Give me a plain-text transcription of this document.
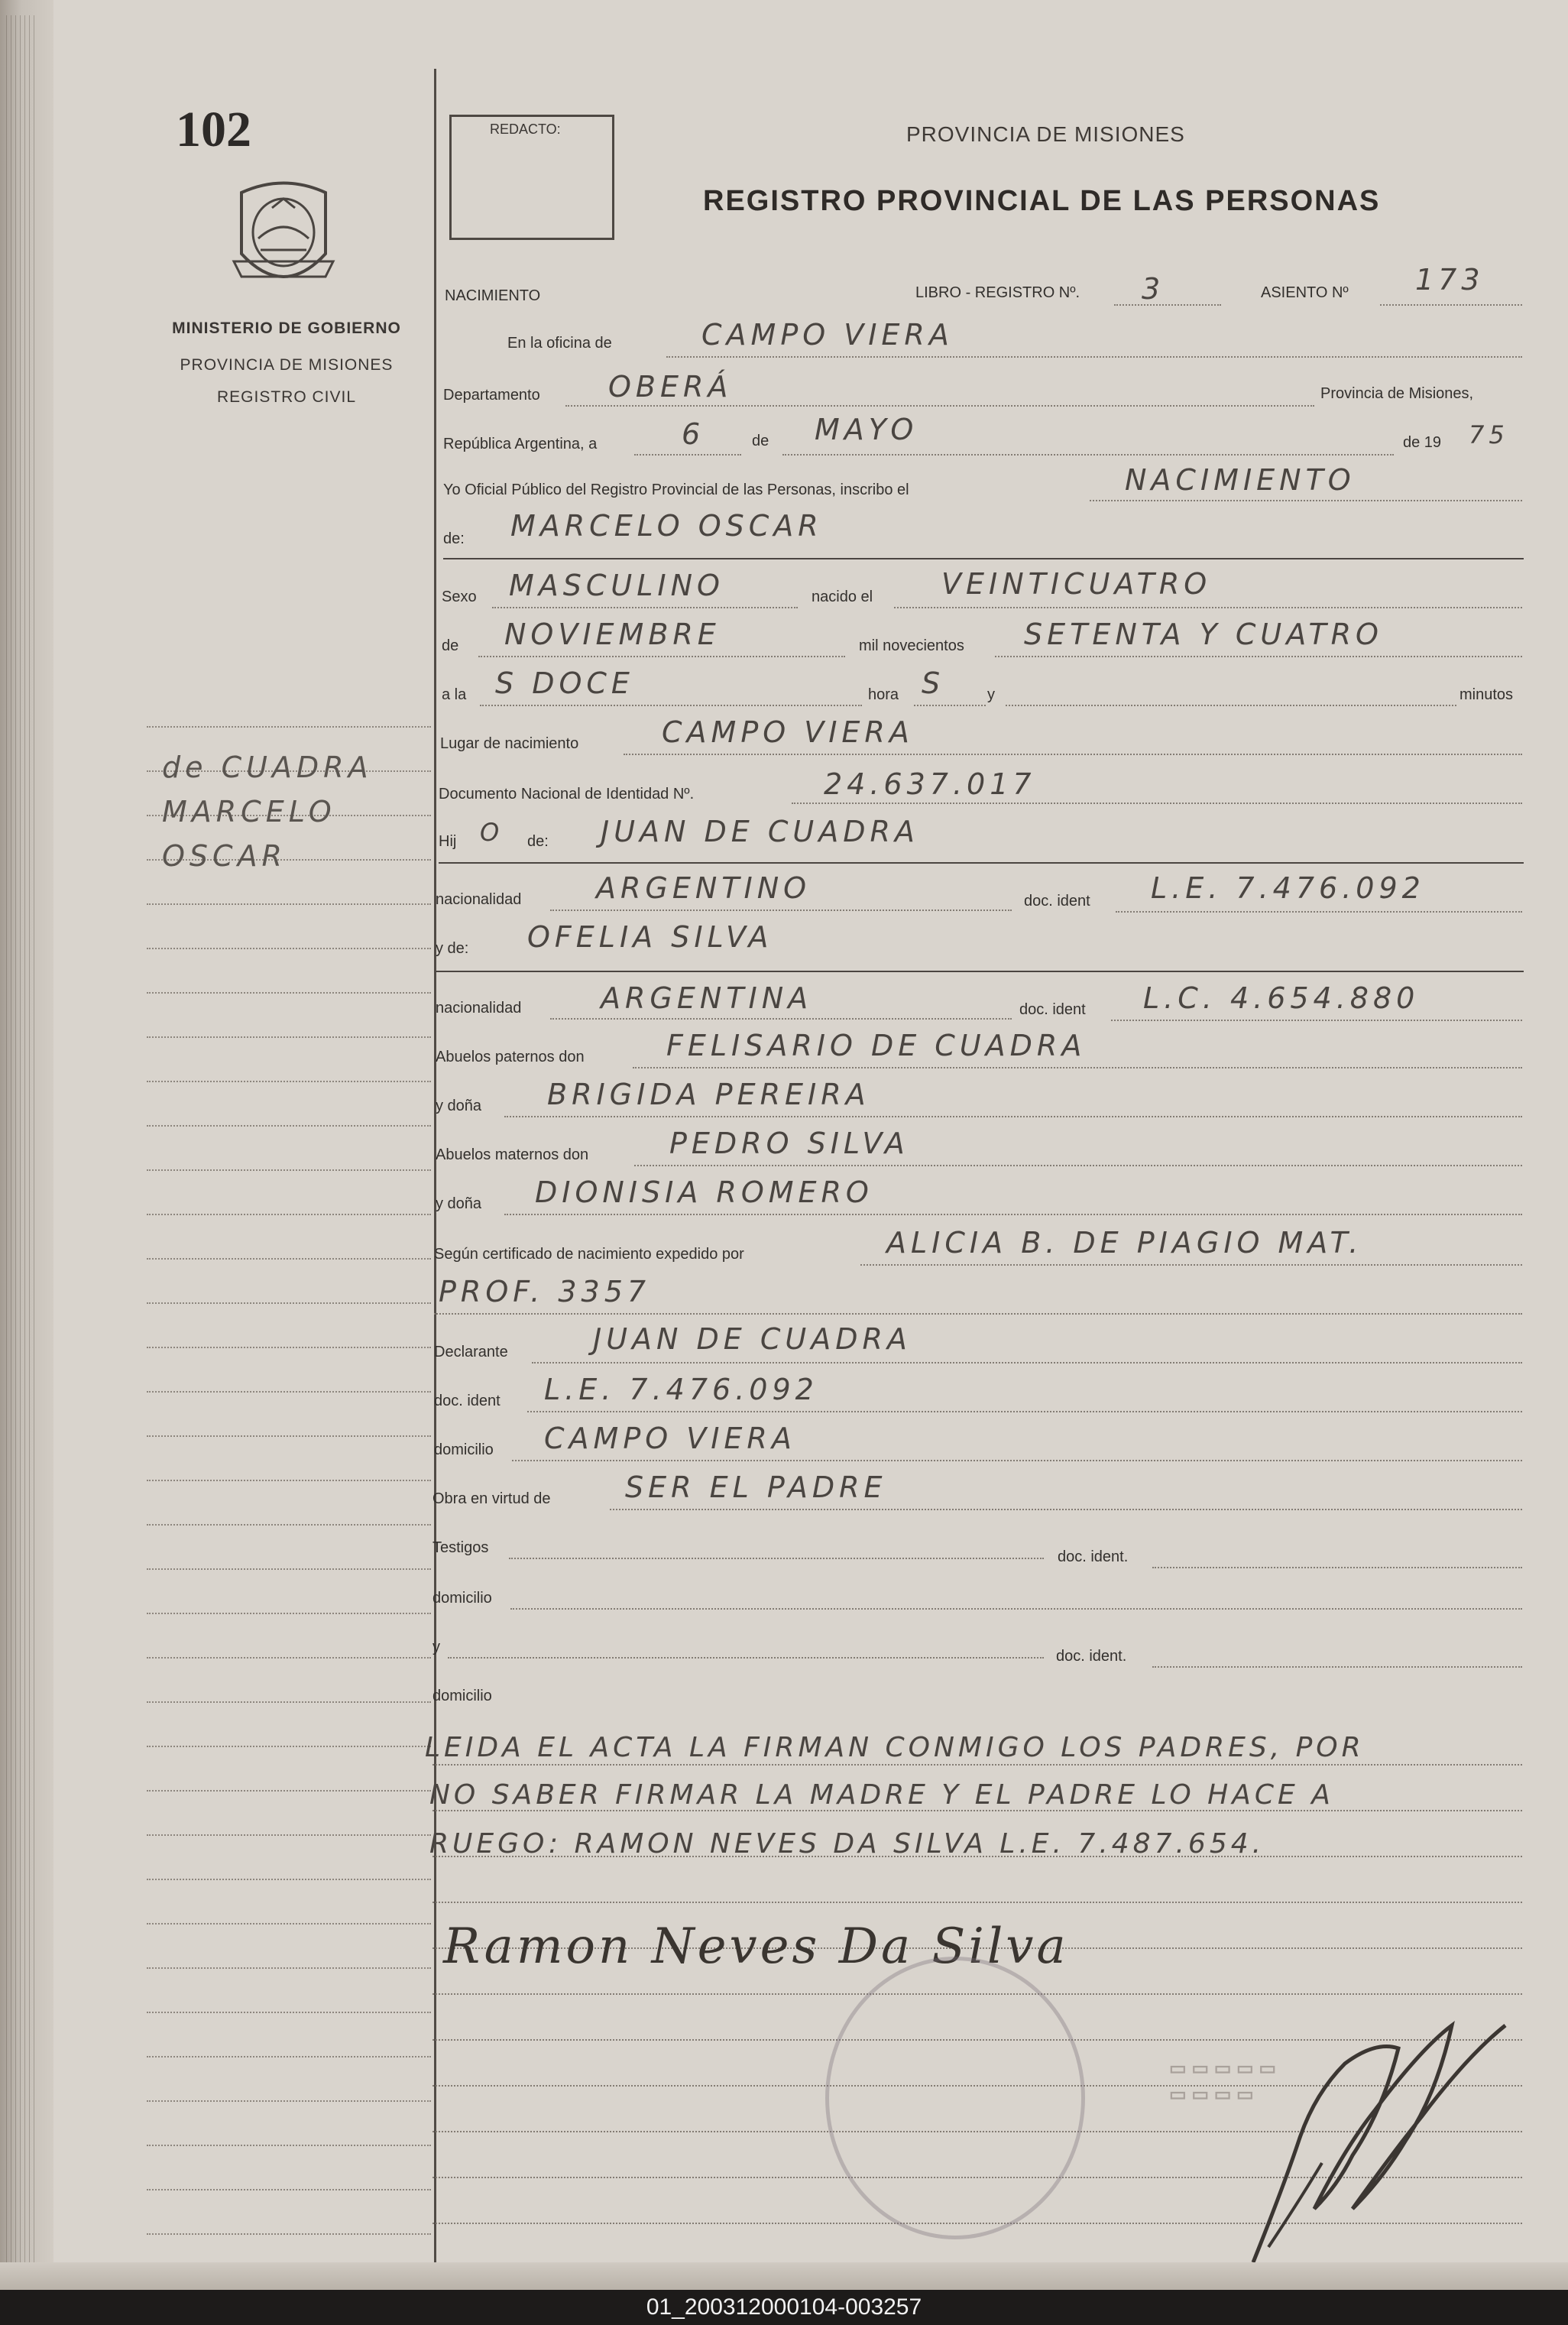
102
MINISTERIO DE GOBIERNO
PROVINCIA DE MISIONES
REGISTRO CIVIL
de CUADRA
MARCELO
OSCAR
REDACTO:	PROVINCIA DE MISIONES
REGISTRO PROVINCIAL DE LAS PERSONAS
NACIMIENTO	LIBRO - REGISTRO Nº. 3	ASIENTO Nº 173
En la oficina de	CAMPO VIERA
Departamento OBERÁ	Provincia de Misiones,
República Argentina, a	6	de MAYO	de 19 75
Yo Oficial Público del Registro Provincial de las Personas, inscribo el	NACIMIENTO
de: MARCELO OSCAR
Sexo MASCULINO	nacido el VEINTICUATRO
de NOVIEMBRE	mil novecientos SETENTA Y CUATRO
a la S DOCE	hora S	y	minutos
Lugar de nacimiento	CAMPO VIERA
Documento Nacional de Identidad Nº.	24.637.017
Hij O de: JUAN DE CUADRA
nacionalidad	ARGENTINO	doc. ident L.E. 7.476.092
y de: OFELIA SILVA
nacionalidad	ARGENTINA	doc. ident L.C. 4.654.880
Abuelos paternos don	FELISARIO DE CUADRA
y doña BRIGIDA PEREIRA
Abuelos maternos don	PEDRO SILVA
y doña DIONISIA ROMERO
Según certificado de nacimiento expedido por	ALICIA B. DE PIAGIO MAT.
PROF. 3357
Declarante	JUAN DE CUADRA
doc. ident L.E. 7.476.092
domicilio CAMPO VIERA
Obra en virtud de	SER EL PADRE
Testigos
doc. ident.
domicilio
y
doc. ident.
domicilio
LEIDA EL ACTA LA FIRMAN CONMIGO LOS PADRES, POR
NO SABER FIRMAR LA MADRE Y EL PADRE LO HACE A
RUEGO: RAMON NEVES DA SILVA L.E. 7.487.654.
Ramon Neves Da Silva
▭ ▭ ▭ ▭ ▭
▭ ▭ ▭ ▭
01_200312000104-003257
